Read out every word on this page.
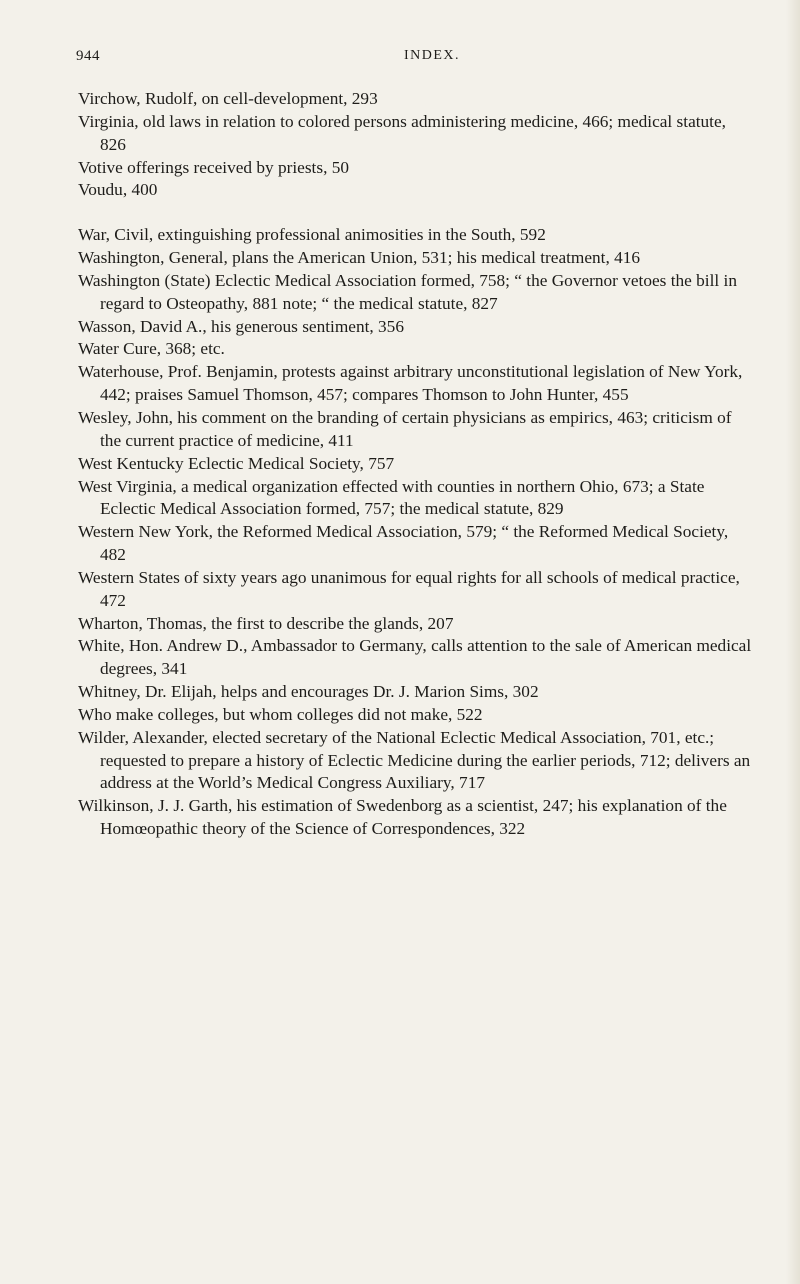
944	INDEX.
Virchow, Rudolf, on cell-development, 293
Virginia, old laws in relation to colored persons administering medicine, 466; medical statute, 826
Votive offerings received by priests, 50
Voudu, 400
War, Civil, extinguishing professional animosities in the South, 592
Washington, General, plans the American Union, 531; his medical treatment, 416
Washington (State) Eclectic Medical Association formed, 758; “ the Governor vetoes the bill in regard to Osteopathy, 881 note; “ the medical statute, 827
Wasson, David A., his generous sentiment, 356
Water Cure, 368; etc.
Waterhouse, Prof. Benjamin, protests against arbitrary unconstitutional legislation of New York, 442; praises Samuel Thomson, 457; compares Thomson to John Hunter, 455
Wesley, John, his comment on the branding of certain physicians as empirics, 463; criticism of the current practice of medicine, 411
West Kentucky Eclectic Medical Society, 757
West Virginia, a medical organization effected with counties in northern Ohio, 673; a State Eclectic Medical Association formed, 757; the medical statute, 829
Western New York, the Reformed Medical Association, 579; “ the Reformed Medical Society, 482
Western States of sixty years ago unanimous for equal rights for all schools of medical practice, 472
Wharton, Thomas, the first to describe the glands, 207
White, Hon. Andrew D., Ambassador to Germany, calls attention to the sale of American medical degrees, 341
Whitney, Dr. Elijah, helps and encourages Dr. J. Marion Sims, 302
Who make colleges, but whom colleges did not make, 522
Wilder, Alexander, elected secretary of the National Eclectic Medical Association, 701, etc.; requested to prepare a history of Eclectic Medicine during the earlier periods, 712; delivers an address at the World’s Medical Congress Auxiliary, 717
Wilkinson, J. J. Garth, his estimation of Swedenborg as a scientist, 247; his explanation of the Homœopathic theory of the Science of Correspondences, 322
